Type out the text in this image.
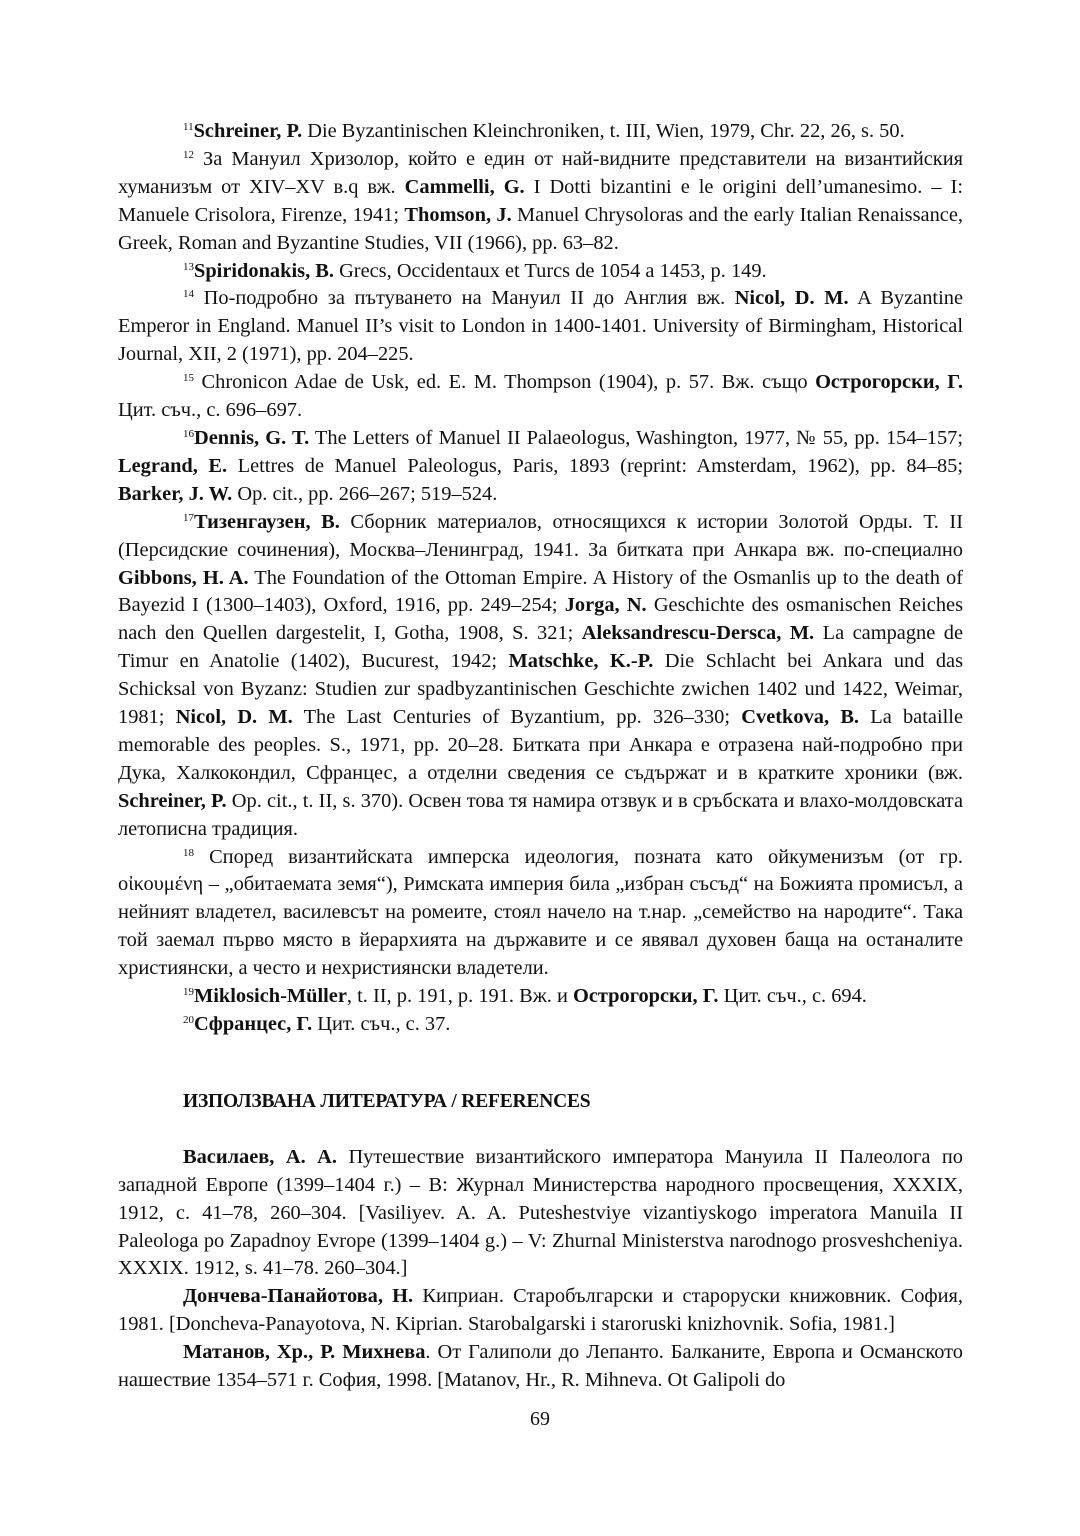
$^{11}$Schreiner, P. Die Byzantinischen Kleinchroniken, t. III, Wien, 1979, Chr. 22, 26, s. 50.

$^{12}$ За Мануил Хризолор, който е един от най-видните представители на византийския хуманизъм от XIV–XV в.q вж. Cammelli, G. I Dotti bizantini e le origini dell’umanesimo. – I: Manuele Crisolora, Firenze, 1941; Thomson, J. Manuel Chrysoloras and the early Italian Renaissance, Greek, Roman and Byzantine Studies, VII (1966), pp. 63–82.

$^{13}$Spiridonakis, B. Grecs, Occidentaux et Turcs de 1054 a 1453, p. 149.

$^{14}$ По-подробно за пътуването на Мануил II до Англия вж. Nicol, D. M. A Byzantine Emperor in England. Manuel II’s visit to London in 1400-1401. University of Birmingham, Historical Journal, XII, 2 (1971), pp. 204–225.

$^{15}$ Chronicon Adae de Usk, ed. E. M. Thompson (1904), p. 57. Вж. също Острогорски, Г. Цит. съч., с. 696–697.

$^{16}$Dennis, G. T. The Letters of Manuel II Palaeologus, Washington, 1977, № 55, pp. 154–157; Legrand, E. Lettres de Manuel Paleologus, Paris, 1893 (reprint: Amsterdam, 1962), pp. 84–85; Barker, J. W. Op. cit., pp. 266–267; 519–524.

$^{17}$Тизенгаузен, В. Сборник материалов, относящихся к истории Золотой Орды. Т. II (Персидские сочинения), Москва–Ленинград, 1941. За битката при Анкара вж. по-специално Gibbons, H. A. The Foundation of the Ottoman Empire. A History of the Osmanlis up to the death of Bayezid I (1300–1403), Oxford, 1916, pp. 249–254; Jorga, N. Geschichte des osmanischen Reiches nach den Quellen dargestelit, I, Gotha, 1908, S. 321; Aleksandrescu-Dersca, M. La campagne de Timur en Anatolie (1402), Bucurest, 1942; Matschke, K.-P. Die Schlacht bei Ankara und das Schicksal von Byzanz: Studien zur spadbyzantinischen Geschichte zwichen 1402 und 1422, Weimar, 1981; Nicol, D. M. The Last Centuries of Byzantium, pp. 326–330; Cvetkova, B. La bataille memorable des peoples. S., 1971, pp. 20–28. Битката при Анкара е отразена най-подробно при Дука, Халкокондил, Сфранцес, а отделни сведения се съдържат и в кратките хроники (вж. Schreiner, P. Op. cit., t. II, s. 370). Освен това тя намира отзвук и в сръбската и влахо-молдовската летописна традиция.

$^{18}$ Според византийската имперска идеология, позната като ойкуменизъм (от гр. οἰκουμένη – „обитаемата земя“), Римската империя била „избран съсъд“ на Божията промисъл, а нейният владетел, василевсът на ромеите, стоял начело на т.нар. „семейство на народите“. Така той заемал първо място в йерархията на държавите и се явявал духовен баща на останалите християнски, а често и нехристиянски владетели.

$^{19}$Miklosich-Müller, t. II, p. 191, p. 191. Вж. и Острогорски, Г. Цит. съч., с. 694.

$^{20}$Сфранцес, Г. Цит. съч., с. 37.

ИЗПОЛЗВАНА ЛИТЕРАТУРА / REFERENCES

Василаев, А. А. Путешествие византийского императора Мануила II Палеолога по западной Европе (1399–1404 г.) – В: Журнал Министерства народного просвещения, XXXIX, 1912, с. 41–78, 260–304. [Vasiliyev. A. A. Puteshestviye vizantiyskogo imperatora Manuila II Paleologa po Zapadnoy Evrope (1399–1404 g.) – V: Zhurnal Ministerstva narodnogo prosveshcheniya. XXXIX. 1912, s. 41–78. 260–304.]

Дончева-Панайотова, Н. Киприан. Старобългарски и староруски книжовник. София, 1981. [Doncheva-Panayotova, N. Kiprian. Starobalgarski i staroruski knizhovnik. Sofia, 1981.]

Матанов, Хр., Р. Михнева. От Галиполи до Лепанто. Балканите, Европа и Османското нашествие 1354–571 г. София, 1998. [Matanov, Hr., R. Mihneva. Ot Galipoli do

69
